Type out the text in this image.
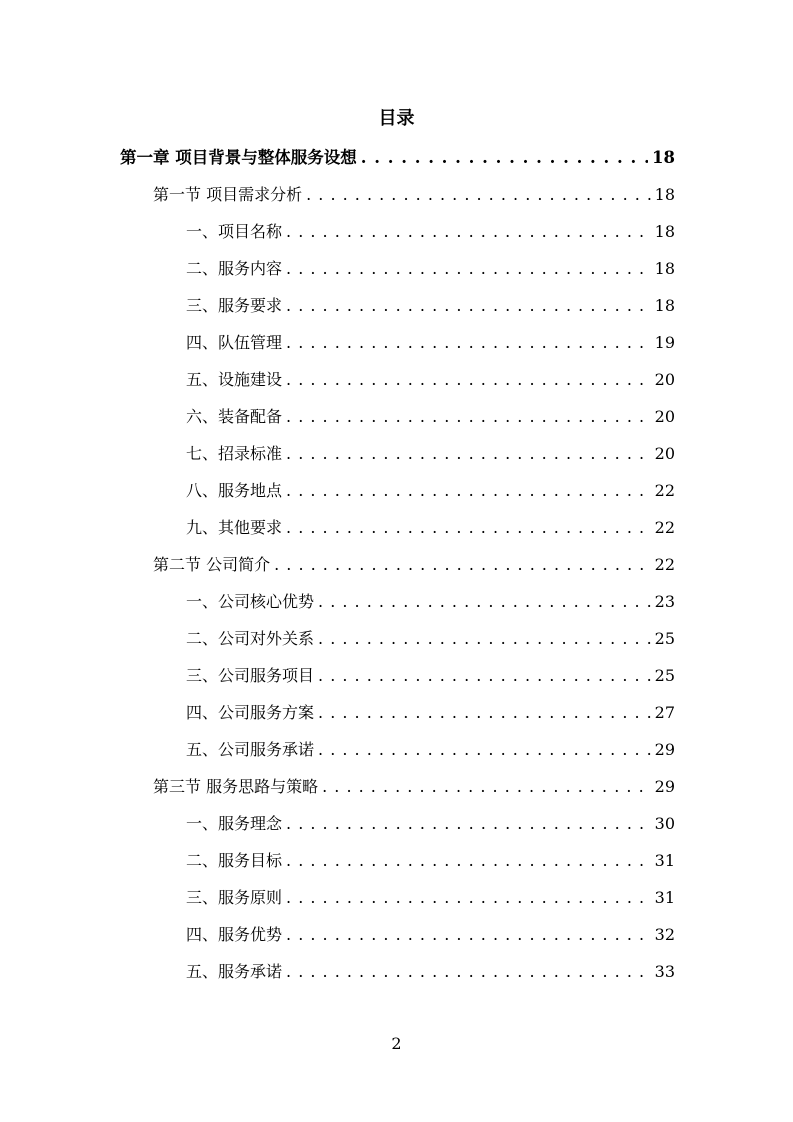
目录
第一章 项目背景与整体服务设想 . . .	18
第一节 项目需求分析 . . .	18
一、项目名称 . . .	18
二、服务内容 . . .	18
三、服务要求 . . .	18
四、队伍管理 . . .	19
五、设施建设 . . .	20
六、装备配备 . . .	20
七、招录标准 . . .	20
八、服务地点 . . .	22
九、其他要求 . . .	22
第二节 公司简介 . . .	22
一、公司核心优势 . . .	23
二、公司对外关系 . . .	25
三、公司服务项目 . . .	25
四、公司服务方案 . . .	27
五、公司服务承诺 . . .	29
第三节 服务思路与策略 . . .	29
一、服务理念 . . .	30
二、服务目标 . . .	31
三、服务原则 . . .	31
四、服务优势 . . .	32
五、服务承诺 . . .	33
2
